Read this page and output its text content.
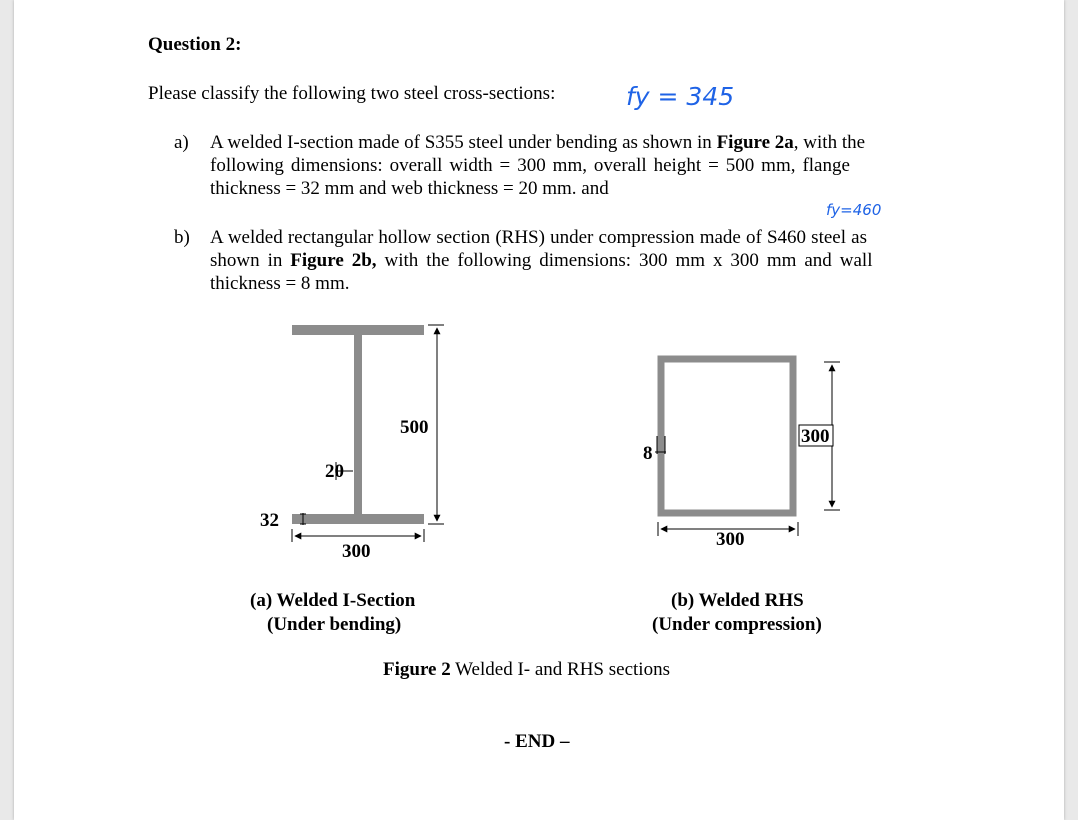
Question 2:
Please classify the following two steel cross-sections:	fy = 345
a) A welded I-section made of S355 steel under bending as shown in Figure 2a, with the
following dimensions: overall width = 300 mm, overall height = 500 mm, flange
thickness = 32 mm and web thickness = 20 mm. and
fy=460
b) A welded rectangular hollow section (RHS) under compression made of S460 steel as
shown in Figure 2b, with the following dimensions: 300 mm x 300 mm and wall
thickness = 8 mm.
500
20
32
300
(a) Welded I-Section
(Under bending)
8
300
300
(b) Welded RHS
(Under compression)
Figure 2 Welded I- and RHS sections
- END –
